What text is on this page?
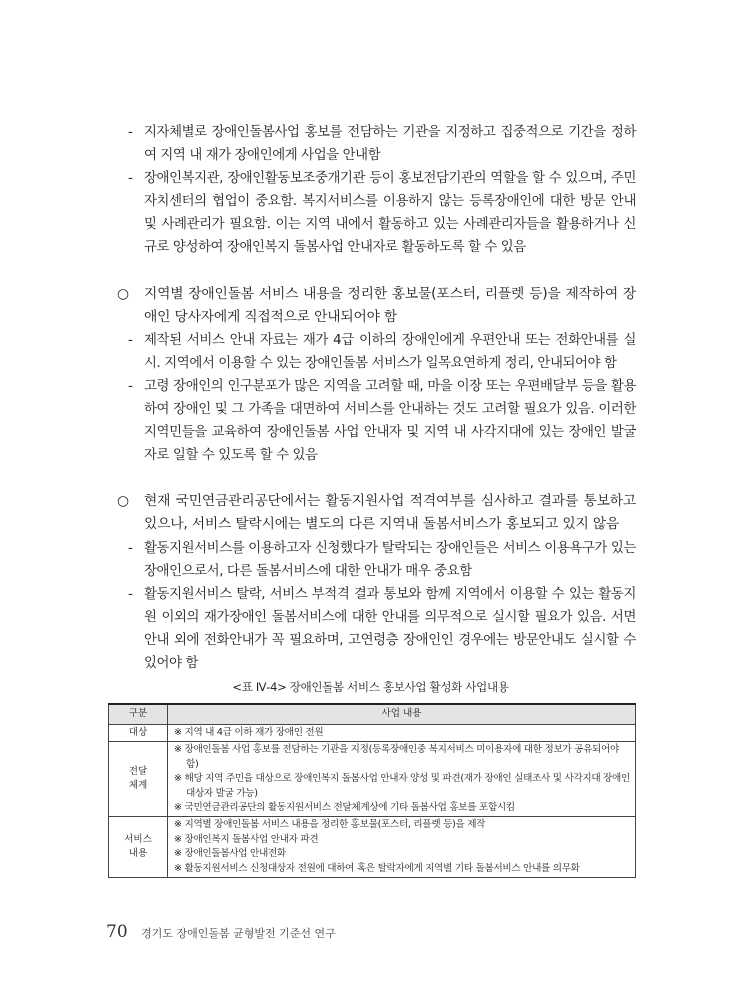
- 지자체별로 장애인돌봄사업 홍보를 전담하는 기관을 지정하고 집중적으로 기간을 정하여 지역 내 재가 장애인에게 사업을 안내함
- 장애인복지관, 장애인활동보조중개기관 등이 홍보전담기관의 역할을 할 수 있으며, 주민자치센터의 협업이 중요함. 복지서비스를 이용하지 않는 등록장애인에 대한 방문 안내 및 사례관리가 필요함. 이는 지역 내에서 활동하고 있는 사례관리자들을 활용하거나 신규로 양성하여 장애인복지 돌봄사업 안내자로 활동하도록 할 수 있음
○	지역별 장애인돌봄 서비스 내용을 정리한 홍보물(포스터, 리플렛 등)을 제작하여 장애인 당사자에게 직접적으로 안내되어야 함
- 제작된 서비스 안내 자료는 재가 4급 이하의 장애인에게 우편안내 또는 전화안내를 실시. 지역에서 이용할 수 있는 장애인돌봄 서비스가 일목요연하게 정리, 안내되어야 함
- 고령 장애인의 인구분포가 많은 지역을 고려할 때, 마을 이장 또는 우편배달부 등을 활용하여 장애인 및 그 가족을 대면하여 서비스를 안내하는 것도 고려할 필요가 있음. 이러한 지역민들을 교육하여 장애인돌봄 사업 안내자 및 지역 내 사각지대에 있는 장애인 발굴자로 일할 수 있도록 할 수 있음
○	현재 국민연금관리공단에서는 활동지원사업 적격여부를 심사하고 결과를 통보하고 있으나, 서비스 탈락시에는 별도의 다른 지역내 돌봄서비스가 홍보되고 있지 않음
- 활동지원서비스를 이용하고자 신청했다가 탈락되는 장애인들은 서비스 이용욕구가 있는 장애인으로서, 다른 돌봄서비스에 대한 안내가 매우 중요함
- 활동지원서비스 탈락, 서비스 부적격 결과 통보와 함께 지역에서 이용할 수 있는 활동지원 이외의 재가장애인 돌봄서비스에 대한 안내를 의무적으로 실시할 필요가 있음. 서면안내 외에 전화안내가 꼭 필요하며, 고연령층 장애인인 경우에는 방문안내도 실시할 수 있어야 함
<표 Ⅳ-4> 장애인돌봄 서비스 홍보사업 활성화 사업내용
구분	사업 내용
대상	※ 지역 내 4급 이하 재가 장애인 전원

전달
체계	※ 장애인돌봄 사업 홍보를 전담하는 기관을 지정(등록장애인중 복지서비스 미이용자에 대한 정보가 공유되어야 함)
※ 해당 지역 주민을 대상으로 장애인복지 돌봄사업 안내자 양성 및 파견(재가 장애인 실태조사 및 사각지대 장애인 대상자 발굴 가능)
※ 국민연금관리공단의 활동지원서비스 전달체계상에 기타 돌봄사업 홍보를 포함시킴

서비스
내용	※ 지역별 장애인돌봄 서비스 내용을 정리한 홍보물(포스터, 리플렛 등)을 제작
※ 장애인복지 돌봄사업 안내자 파견
※ 장애인돌봄사업 안내전화
※ 활동지원서비스 신청대상자 전원에 대하여 혹은 탈락자에게 지역별 기타 돌봄서비스 안내를 의무화
70 경기도 장애인돌봄 균형발전 기준선 연구
